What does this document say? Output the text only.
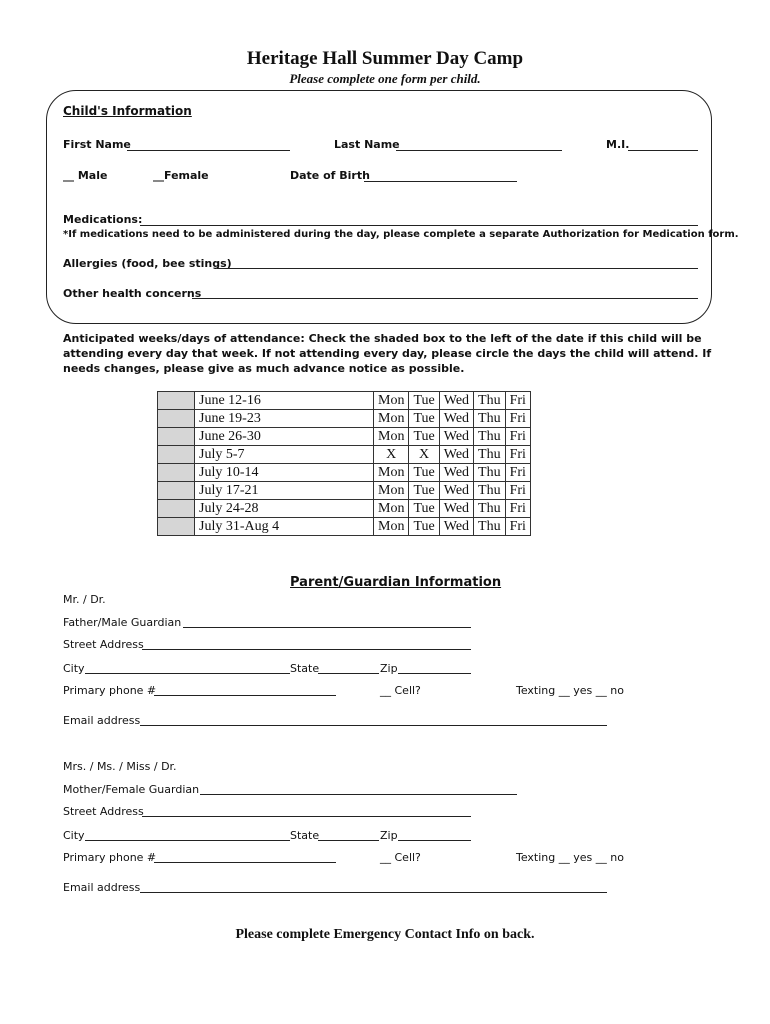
Heritage Hall Summer Day Camp
Please complete one form per child.
Child's Information
First Name	Last Name	M.I.
__ Male	__Female	Date of Birth
Medications:
*If medications need to be administered during the day, please complete a separate Authorization for Medication form.
Allergies (food, bee stings)
Other health concerns
Anticipated weeks/days of attendance: Check the shaded box to the left of the date if this child will be attending every day that week. If not attending every day, please circle the days the child will attend. If needs changes, please give as much advance notice as possible.
	June 12-16	Mon	Tue	Wed	Thu	Fri
	June 19-23	Mon	Tue	Wed	Thu	Fri
	June 26-30	Mon	Tue	Wed	Thu	Fri
	July 5-7	X	X	Wed	Thu	Fri
	July 10-14	Mon	Tue	Wed	Thu	Fri
	July 17-21	Mon	Tue	Wed	Thu	Fri
	July 24-28	Mon	Tue	Wed	Thu	Fri
	July 31-Aug 4	Mon	Tue	Wed	Thu	Fri
Parent/Guardian Information
Mr. / Dr.
Father/Male Guardian
Street Address
City	State	Zip
Primary phone #	__ Cell?	Texting __ yes __ no
Email address
Mrs. / Ms. / Miss / Dr.
Mother/Female Guardian
Street Address
City	State	Zip
Primary phone #	__ Cell?	Texting __ yes __ no
Email address
Please complete Emergency Contact Info on back.
